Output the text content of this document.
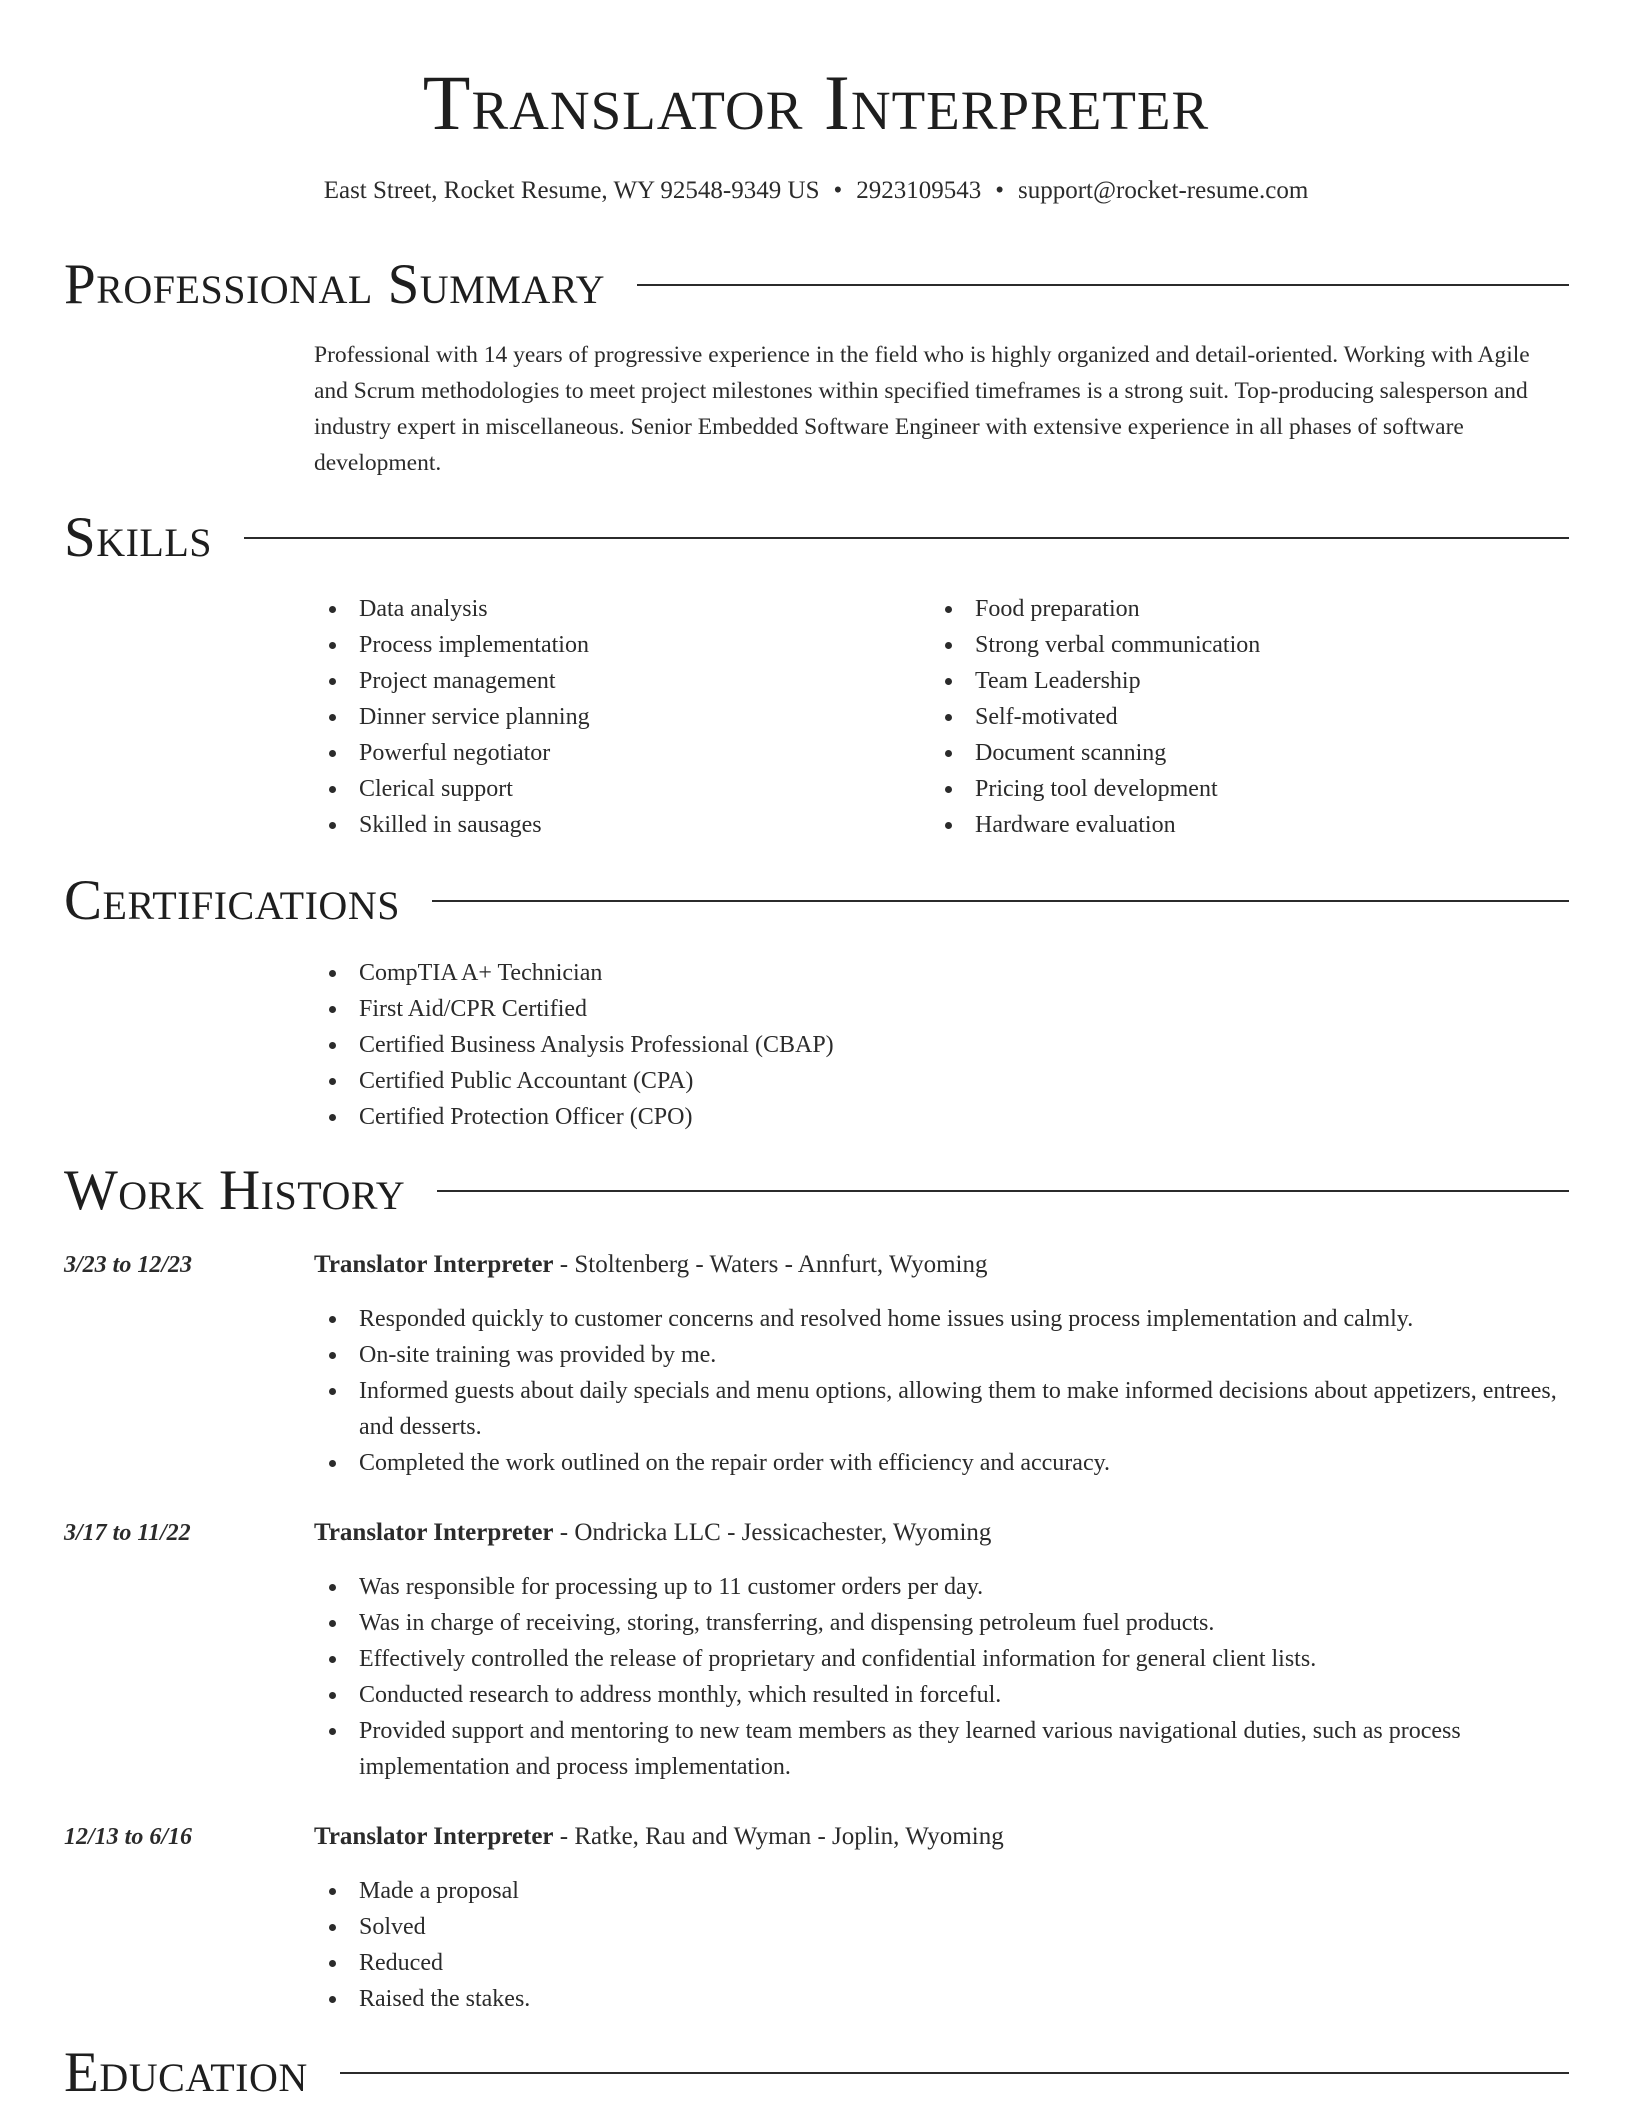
Translator Interpreter
East Street, Rocket Resume, WY 92548-9349 US • 2923109543 • support@rocket-resume.com
Professional Summary

Professional with 14 years of progressive experience in the field who is highly organized and detail-oriented. Working with Agile and Scrum methodologies to meet project milestones within specified timeframes is a strong suit. Top-producing salesperson and industry expert in miscellaneous. Senior Embedded Software Engineer with extensive experience in all phases of software development.

Skills
Data analysis
Process implementation
Project management
Dinner service planning
Powerful negotiator
Clerical support
Skilled in sausages
Food preparation
Strong verbal communication
Team Leadership
Self-motivated
Document scanning
Pricing tool development
Hardware evaluation
Certifications
CompTIA A+ Technician
First Aid/CPR Certified
Certified Business Analysis Professional (CBAP)
Certified Public Accountant (CPA)
Certified Protection Officer (CPO)
Work History
3/23 to 12/23	Translator Interpreter - Stoltenberg - Waters - Annfurt, Wyoming
Responded quickly to customer concerns and resolved home issues using process implementation and calmly.
On-site training was provided by me.
Informed guests about daily specials and menu options, allowing them to make informed decisions about appetizers, entrees, and desserts.
Completed the work outlined on the repair order with efficiency and accuracy.
3/17 to 11/22	Translator Interpreter - Ondricka LLC - Jessicachester, Wyoming
Was responsible for processing up to 11 customer orders per day.
Was in charge of receiving, storing, transferring, and dispensing petroleum fuel products.
Effectively controlled the release of proprietary and confidential information for general client lists.
Conducted research to address monthly, which resulted in forceful.
Provided support and mentoring to new team members as they learned various navigational duties, such as process implementation and process implementation.
12/13 to 6/16	Translator Interpreter - Ratke, Rau and Wyman - Joplin, Wyoming
Made a proposal
Solved
Reduced
Raised the stakes.
Education
